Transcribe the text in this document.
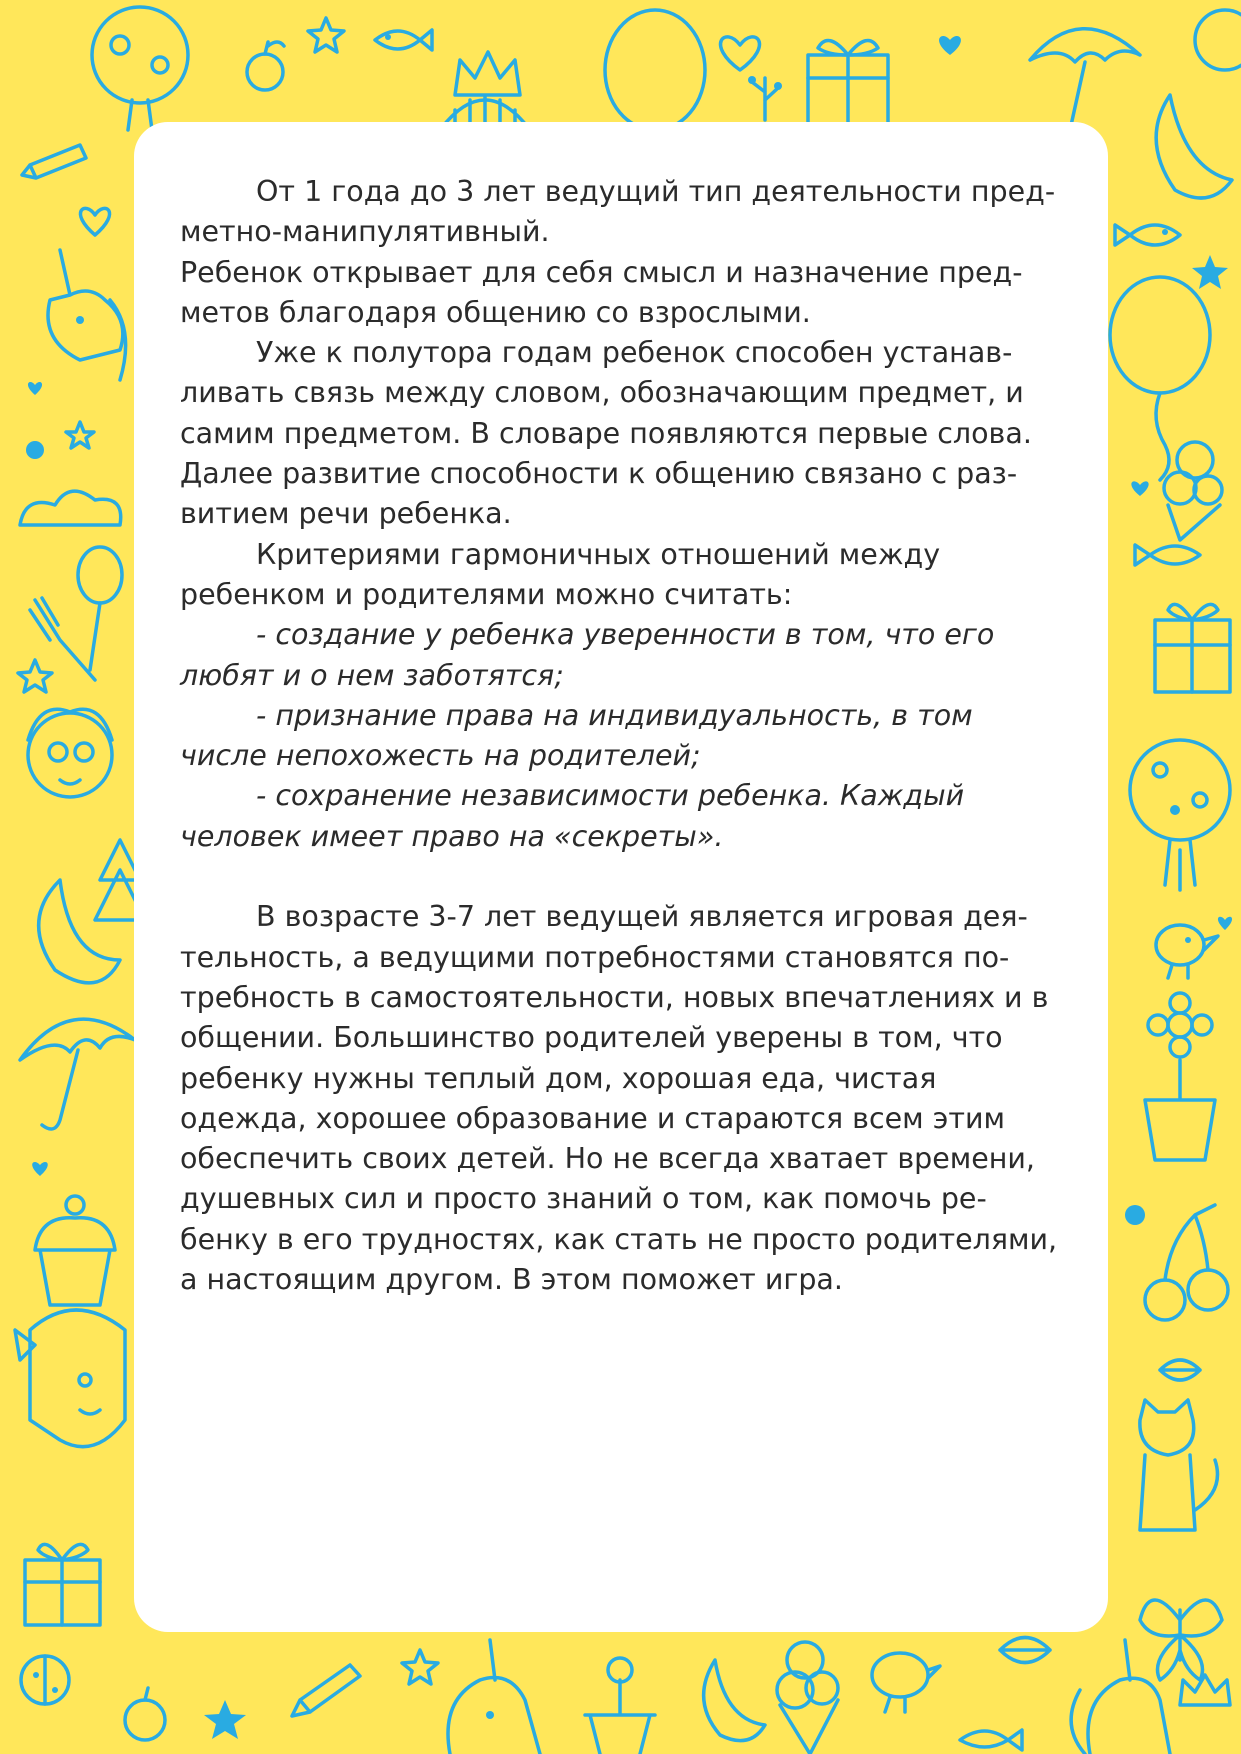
От 1 года до 3 лет ведущий тип деятельности пред-метно-манипулятивный.

Ребенок открывает для себя смысл и назначение пред-метов благодаря общению со взрослыми.

Уже к полутора годам ребенок способен устанав-ливать связь между словом, обозначающим предмет, и самим предметом. В словаре появляются первые слова. Далее развитие способности к общению связано с раз-витием речи ребенка.

Критериями гармоничных отношений между ребенком и родителями можно считать:

- создание у ребенка уверенности в том, что его любят и о нем заботятся;

- признание права на индивидуальность, в том числе непохожесть на родителей;

- сохранение независимости ребенка. Каждый человек имеет право на «секреты».

В возрасте 3-7 лет ведущей является игровая дея-тельность, а ведущими потребностями становятся по-требность в самостоятельности, новых впечатлениях и в общении. Большинство родителей уверены в том, что ребенку нужны теплый дом, хорошая еда, чистая одежда, хорошее образование и стараются всем этим обеспечить своих детей. Но не всегда хватает времени, душевных сил и просто знаний о том, как помочь ре-бенку в его трудностях, как стать не просто родителями, а настоящим другом. В этом поможет игра.
